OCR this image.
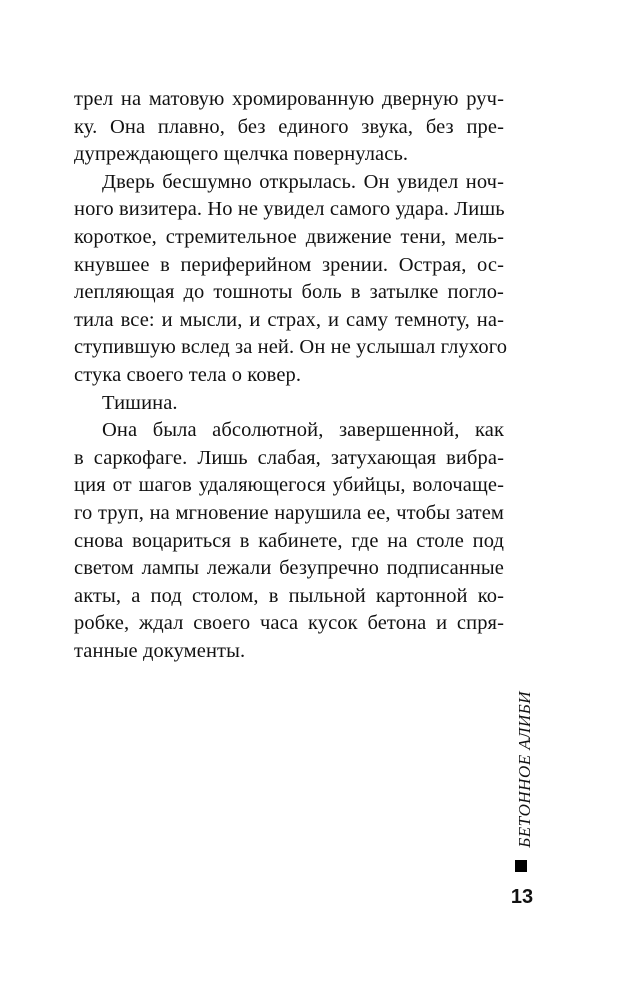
трел на матовую хромированную дверную руч-
ку. Она плавно, без единого звука, без пре-
дупреждающего щелчка повернулась.
Дверь бесшумно открылась. Он увидел ноч-
ного визитера. Но не увидел самого удара. Лишь
короткое, стремительное движение тени, мель-
кнувшее в периферийном зрении. Острая, ос-
лепляющая до тошноты боль в затылке погло-
тила все: и мысли, и страх, и саму темноту, на-
ступившую вслед за ней. Он не услышал глухого
стука своего тела о ковер.
Тишина.
Она была абсолютной, завершенной, как
в саркофаге. Лишь слабая, затухающая вибра-
ция от шагов удаляющегося убийцы, волочаще-
го труп, на мгновение нарушила ее, чтобы затем
снова воцариться в кабинете, где на столе под
светом лампы лежали безупречно подписанные
акты, а под столом, в пыльной картонной ко-
робке, ждал своего часа кусок бетона и спря-
танные документы.
БЕТОННОЕ АЛИБИ
13
